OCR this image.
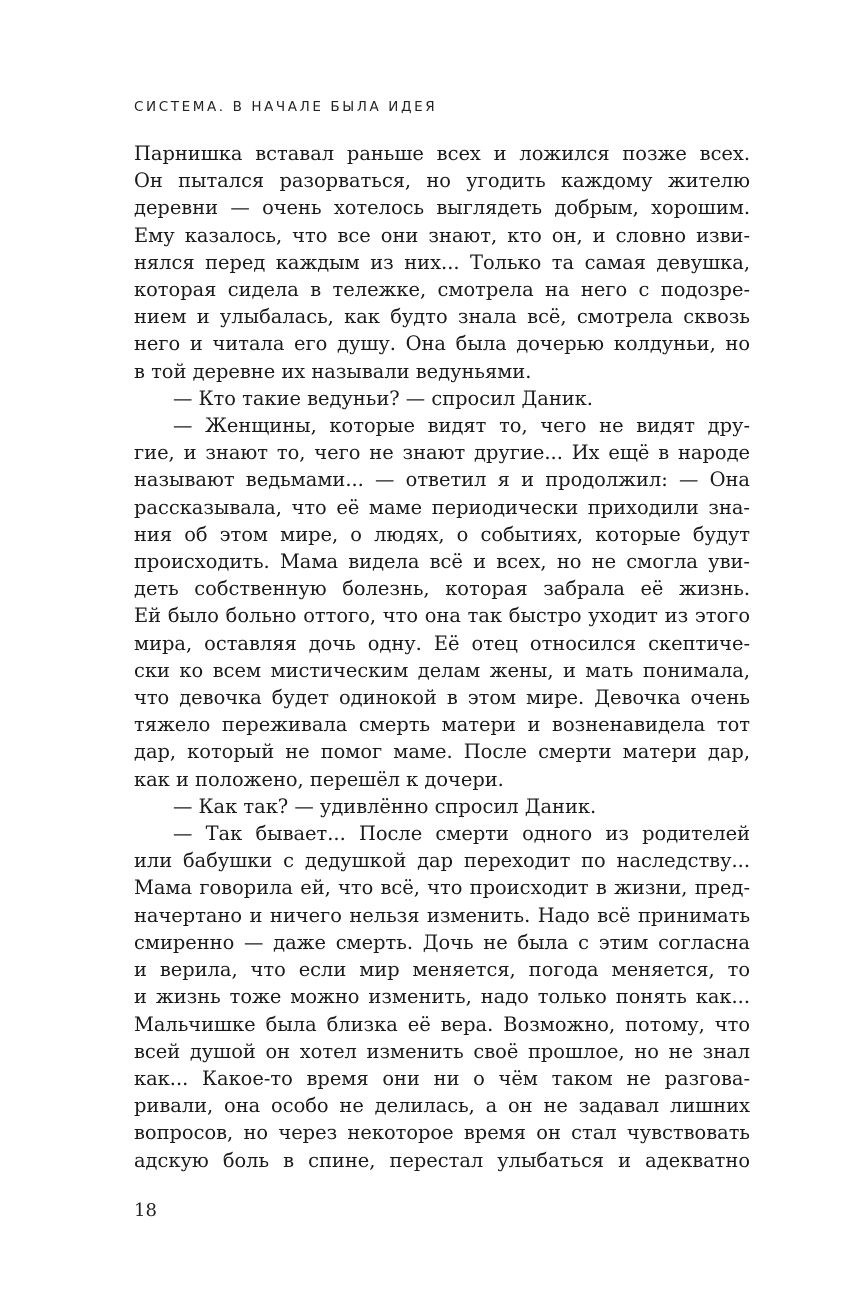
СИСТЕМА. В НАЧАЛЕ БЫЛА ИДЕЯ
Парнишка вставал раньше всех и ложился позже всех.
Он пытался разорваться, но угодить каждому жителю
деревни — очень хотелось выглядеть добрым, хорошим.
Ему казалось, что все они знают, кто он, и словно изви-
нялся перед каждым из них... Только та самая девушка,
которая сидела в тележке, смотрела на него с подозре-
нием и улыбалась, как будто знала всё, смотрела сквозь
него и читала его душу. Она была дочерью колдуньи, но
в той деревне их называли ведуньями.
— Кто такие ведуньи? — спросил Даник.
— Женщины, которые видят то, чего не видят дру-
гие, и знают то, чего не знают другие... Их ещё в народе
называют ведьмами... — ответил я и продолжил: — Она
рассказывала, что её маме периодически приходили зна-
ния об этом мире, о людях, о событиях, которые будут
происходить. Мама видела всё и всех, но не смогла уви-
деть собственную болезнь, которая забрала её жизнь.
Ей было больно оттого, что она так быстро уходит из этого
мира, оставляя дочь одну. Её отец относился скептиче-
ски ко всем мистическим делам жены, и мать понимала,
что девочка будет одинокой в этом мире. Девочка очень
тяжело переживала смерть матери и возненавидела тот
дар, который не помог маме. После смерти матери дар,
как и положено, перешёл к дочери.
— Как так? — удивлённо спросил Даник.
— Так бывает... После смерти одного из родителей
или бабушки с дедушкой дар переходит по наследству...
Мама говорила ей, что всё, что происходит в жизни, пред-
начертано и ничего нельзя изменить. Надо всё принимать
смиренно — даже смерть. Дочь не была с этим согласна
и верила, что если мир меняется, погода меняется, то
и жизнь тоже можно изменить, надо только понять как...
Мальчишке была близка её вера. Возможно, потому, что
всей душой он хотел изменить своё прошлое, но не знал
как... Какое-то время они ни о чём таком не разгова-
ривали, она особо не делилась, а он не задавал лишних
вопросов, но через некоторое время он стал чувствовать
адскую боль в спине, перестал улыбаться и адекватно
18
